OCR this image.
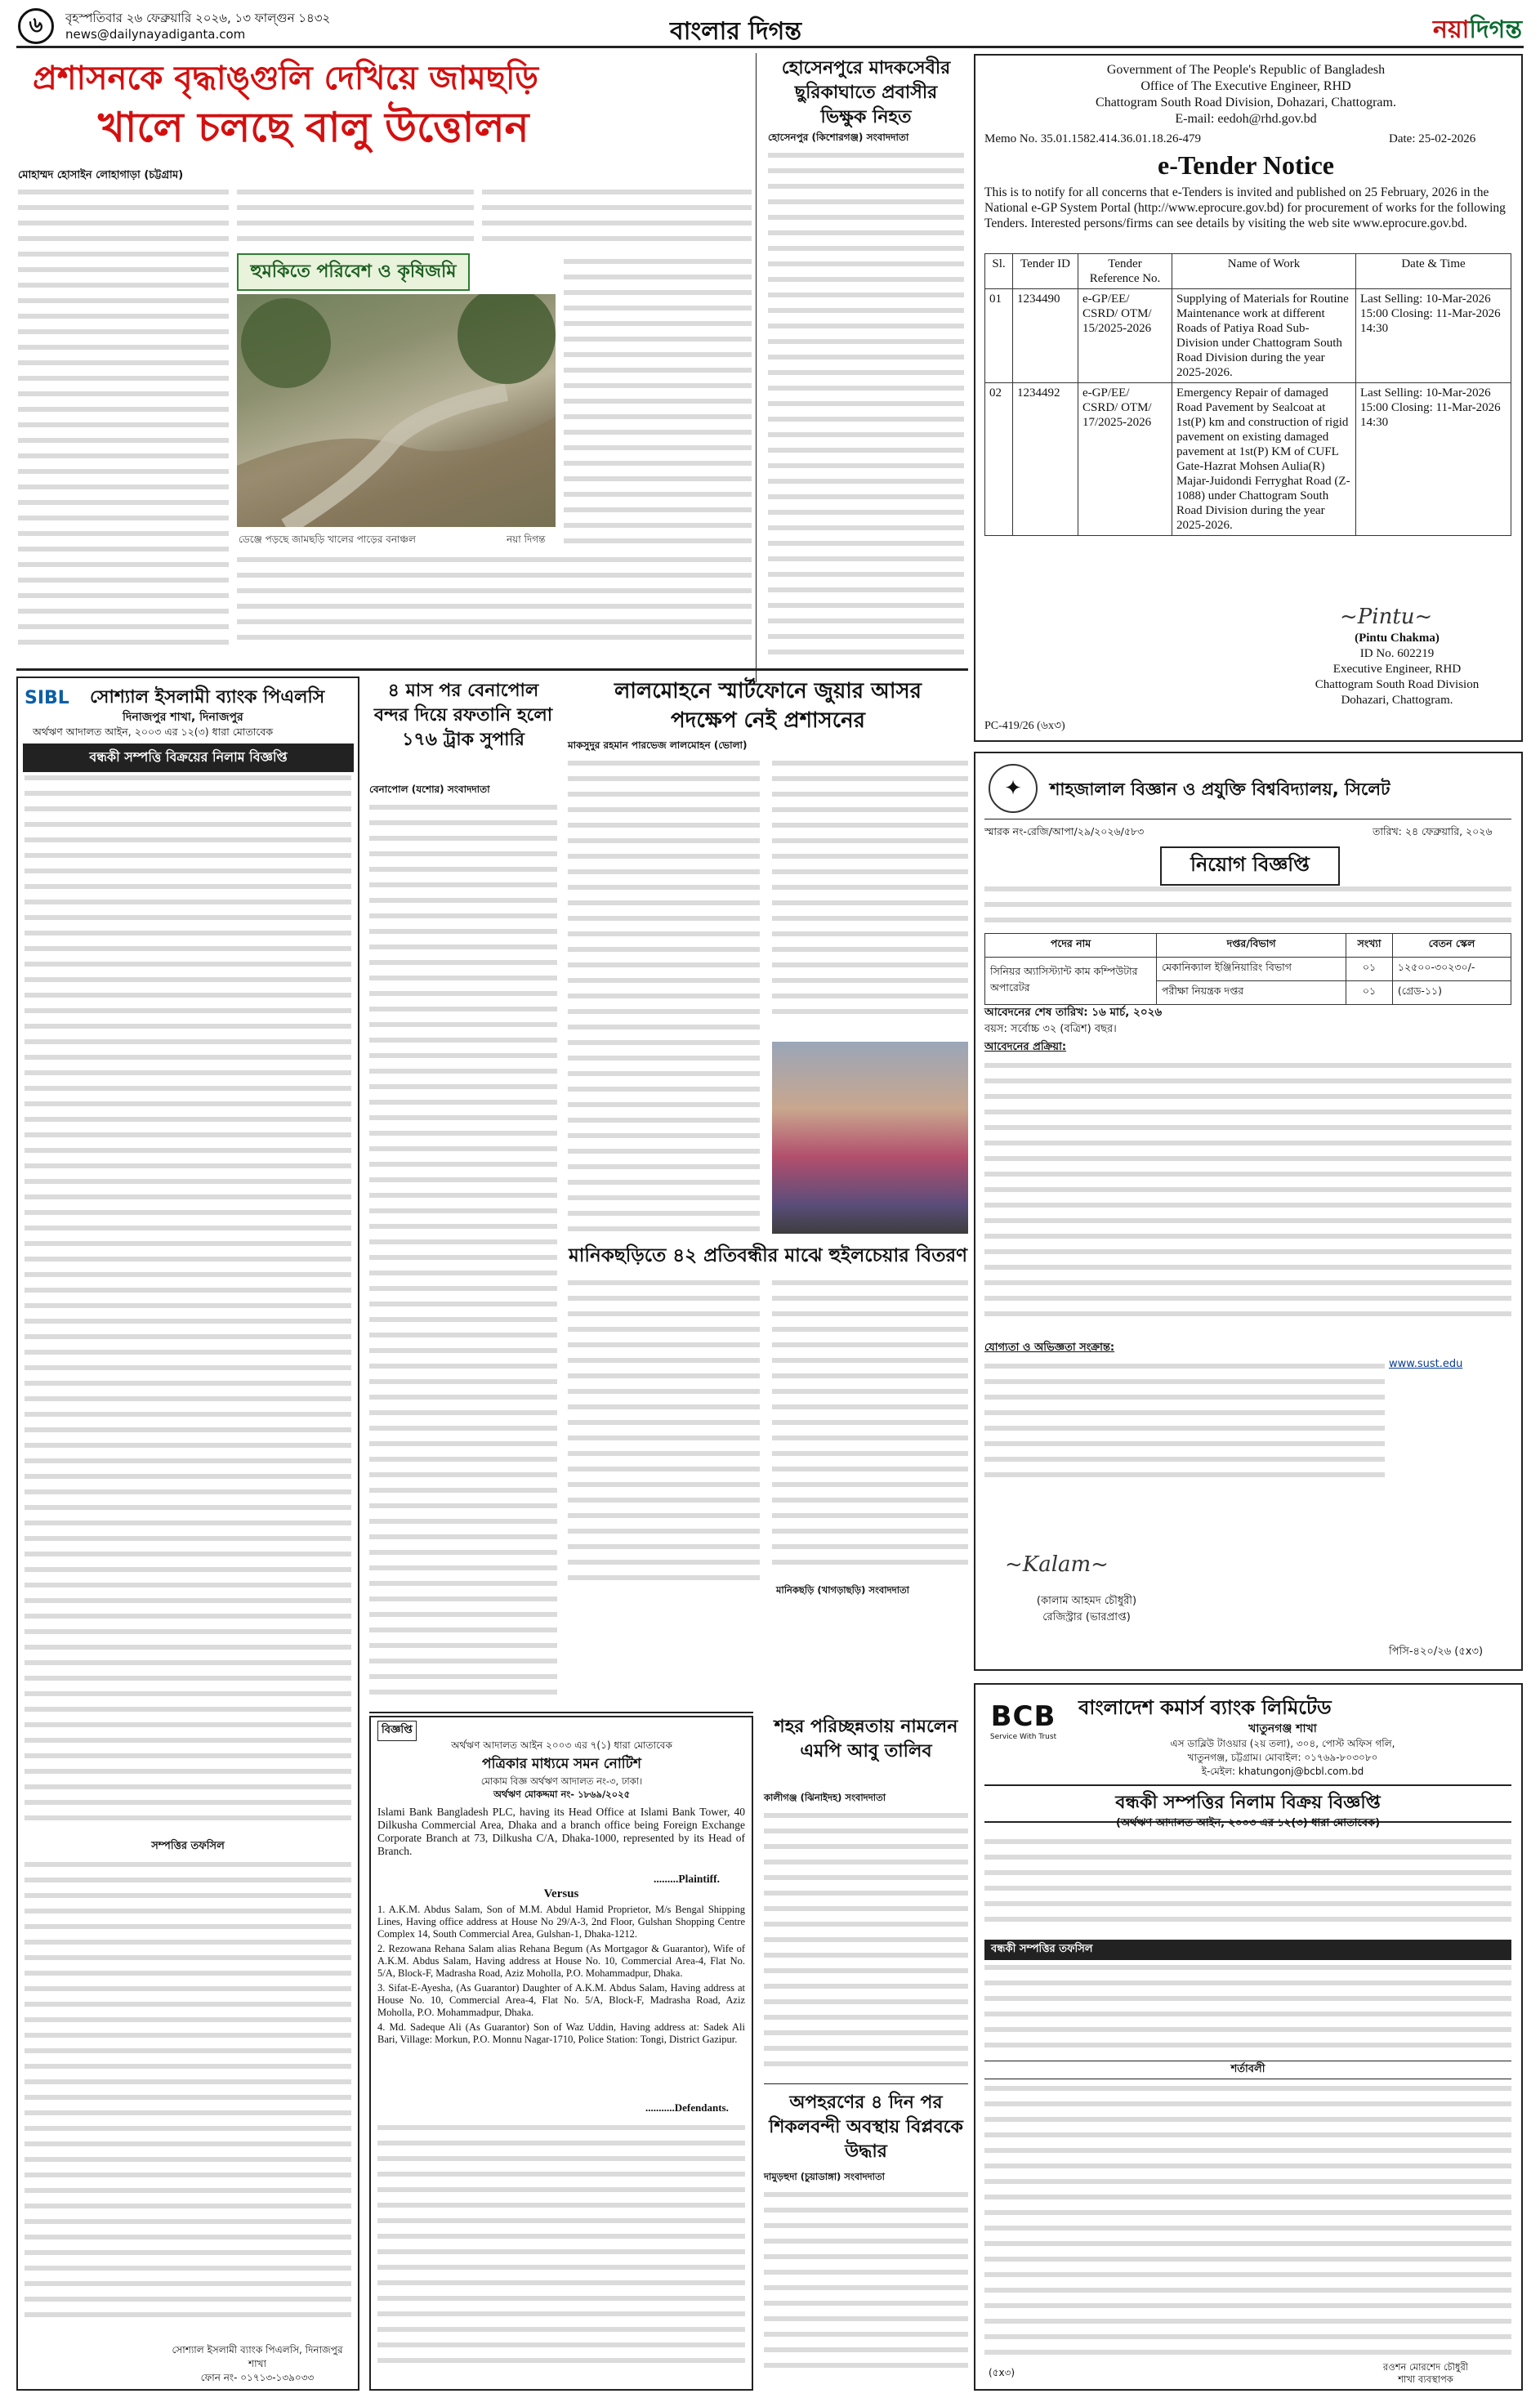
৬	বৃহস্পতিবার ২৬ ফেব্রুয়ারি ২০২৬, ১৩ ফাল্গুন ১৪৩২
news@dailynayadiganta.com	বাংলার দিগন্ত	নয়াদিগন্ত
প্রশাসনকে বৃদ্ধাঙ্গুলি দেখিয়ে জামছড়ি
খালে চলছে বালু উত্তোলন
মোহাম্মদ হোসাইন লোহাগাড়া (চট্টগ্রাম)
হুমকিতে পরিবেশ ও কৃষিজমি
ডেঞ্জে পড়ছে জামছড়ি খালের পাড়ের বনাঞ্চল	নয়া দিগন্ত
হোসেনপুরে মাদকসেবীর ছুরিকাঘাতে প্রবাসীর
ভিক্ষুক নিহত
হোসেনপুর (কিশোরগঞ্জ) সংবাদদাতা
Government of The People's Republic of Bangladesh
Office of The Executive Engineer, RHD
Chattogram South Road Division, Dohazari, Chattogram.
E-mail: eedoh@rhd.gov.bd
Memo No. 35.01.1582.414.36.01.18.26-479	Date: 25-02-2026
e-Tender Notice
This is to notify for all concerns that e-Tenders is invited and published on 25 February, 2026 in the National e-GP System Portal (http://www.eprocure.gov.bd) for procurement of works for the following Tenders. Interested persons/firms can see details by visiting the web site www.eprocure.gov.bd.
Sl.	Tender ID	Tender Reference No.	Name of Work	Date & Time
01	1234490	e-GP/EE/ CSRD/ OTM/ 15/2025-2026	Supplying of Materials for Routine Maintenance work at different Roads of Patiya Road Sub-Division under Chattogram South Road Division during the year 2025-2026.	Last Selling: 10-Mar-2026 15:00 Closing: 11-Mar-2026 14:30
02	1234492	e-GP/EE/ CSRD/ OTM/ 17/2025-2026	Emergency Repair of damaged Road Pavement by Sealcoat at 1st(P) km and construction of rigid pavement on existing damaged pavement at 1st(P) KM of CUFL Gate-Hazrat Mohsen Aulia(R) Majar-Juidondi Ferryghat Road (Z-1088) under Chattogram South Road Division during the year 2025-2026.	Last Selling: 10-Mar-2026 15:00 Closing: 11-Mar-2026 14:30
~Pintu~
(Pintu Chakma)
ID No. 602219
Executive Engineer, RHD
Chattogram South Road Division
Dohazari, Chattogram.
PC-419/26 (৬x৩)
SIBL সোশ্যাল ইসলামী ব্যাংক পিএলসি
দিনাজপুর শাখা, দিনাজপুর
অর্থঋণ আদালত আইন, ২০০৩ এর ১২(৩) ধারা মোতাবেক
বন্ধকী সম্পত্তি বিক্রয়ের নিলাম বিজ্ঞপ্তি
সম্পত্তির তফসিল
সোশ্যাল ইসলামী ব্যাংক পিএলসি, দিনাজপুর শাখা
ফোন নং- ০১৭১৩-১৩৯০৩৩
৪ মাস পর বেনাপোল বন্দর দিয়ে রফতানি হলো ১৭৬ ট্রাক সুপারি
বেনাপোল (যশোর) সংবাদদাতা
লালমোহনে স্মার্টফোনে জুয়ার আসর
পদক্ষেপ নেই প্রশাসনের
মাকসুদুর রহমান পারভেজ লালমোহন (ভোলা)
মানিকছড়িতে ৪২ প্রতিবন্ধীর মাঝে হুইলচেয়ার বিতরণ
মানিকছড়ি (খাগড়াছড়ি) সংবাদদাতা
বিজ্ঞপ্তি
অর্থঋণ আদালত আইন ২০০৩ এর ৭(১) ধারা মোতাবেক
পত্রিকার মাধ্যমে সমন নোটিশ
মোকাম বিজ্ঞ অর্থঋণ আদালত নং-৩, ঢাকা।
অর্থঋণ মোকদ্দমা নং- ১৮৬৯/২০২৫
Islami Bank Bangladesh PLC, having its Head Office at Islami Bank Tower, 40 Dilkusha Commercial Area, Dhaka and a branch office being Foreign Exchange Corporate Branch at 73, Dilkusha C/A, Dhaka-1000, represented by its Head of Branch.
.........Plaintiff.
Versus
1. A.K.M. Abdus Salam, Son of M.M. Abdul Hamid Proprietor, M/s Bengal Shipping Lines, Having office address at House No 29/A-3, 2nd Floor, Gulshan Shopping Centre Complex 14, South Commercial Area, Gulshan-1, Dhaka-1212.
2. Rezowana Rehana Salam alias Rehana Begum (As Mortgagor & Guarantor), Wife of A.K.M. Abdus Salam, Having address at House No. 10, Commercial Area-4, Flat No. 5/A, Block-F, Madrasha Road, Aziz Moholla, P.O. Mohammadpur, Dhaka.
3. Sifat-E-Ayesha, (As Guarantor) Daughter of A.K.M. Abdus Salam, Having address at House No. 10, Commercial Area-4, Flat No. 5/A, Block-F, Madrasha Road, Aziz Moholla, P.O. Mohammadpur, Dhaka.
4. Md. Sadeque Ali (As Guarantor) Son of Waz Uddin, Having address at: Sadek Ali Bari, Village: Morkun, P.O. Monnu Nagar-1710, Police Station: Tongi, District Gazipur.
...........Defendants.
শহর পরিচ্ছন্নতায় নামলেন এমপি আবু তালিব
কালীগঞ্জ (ঝিনাইদহ) সংবাদদাতা
অপহরণের ৪ দিন পর শিকলবন্দী অবস্থায় বিপ্লবকে উদ্ধার
দামুড়হুদা (চুয়াডাঙ্গা) সংবাদদাতা
✦	শাহজালাল বিজ্ঞান ও প্রযুক্তি বিশ্ববিদ্যালয়, সিলেট
স্মারক নং-রেজি/আপা/২৯/২০২৬/৫৮৩	তারিখ: ২৪ ফেব্রুয়ারি, ২০২৬
নিয়োগ বিজ্ঞপ্তি
পদের নাম	দপ্তর/বিভাগ	সংখ্যা	বেতন স্কেল
সিনিয়র অ্যাসিস্ট্যান্ট কাম কম্পিউটার অপারেটর	মেকানিক্যাল ইঞ্জিনিয়ারিং বিভাগ	০১	১২৫০০-৩০২৩০/-
	পরীক্ষা নিয়ন্ত্রক দপ্তর	০১	(গ্রেড-১১)
আবেদনের শেষ তারিখ: ১৬ মার্চ, ২০২৬
বয়স: সর্বোচ্চ ৩২ (বত্রিশ) বছর।
আবেদনের প্রক্রিয়া:
যোগ্যতা ও অভিজ্ঞতা সংক্রান্ত:
www.sust.edu
~Kalam~
(কালাম আহমদ চৌধুরী)
রেজিস্ট্রার (ভারপ্রাপ্ত)
পিসি-৪২০/২৬ (৫x৩)
BCB
Service With Trust
বাংলাদেশ কমার্স ব্যাংক লিমিটেড
খাতুনগঞ্জ শাখা
এস ডাব্লিউ টাওয়ার (২য় তলা), ৩০৪, পোস্ট অফিস গলি,
খাতুনগঞ্জ, চট্টগ্রাম। মোবাইল: ০১৭৬৯-৮০৩০৮০
ই-মেইল: khatungonj@bcbl.com.bd
বন্ধকী সম্পত্তির নিলাম বিক্রয় বিজ্ঞপ্তি
(অর্থঋণ আদালত আইন, ২০০৩ এর ১২(৩) ধারা মোতাবেক)
বন্ধকী সম্পত্তির তফসিল
শর্তাবলী
(৫x৩)	রওশন মোরশেদ চৌধুরী
শাখা ব্যবস্থাপক
